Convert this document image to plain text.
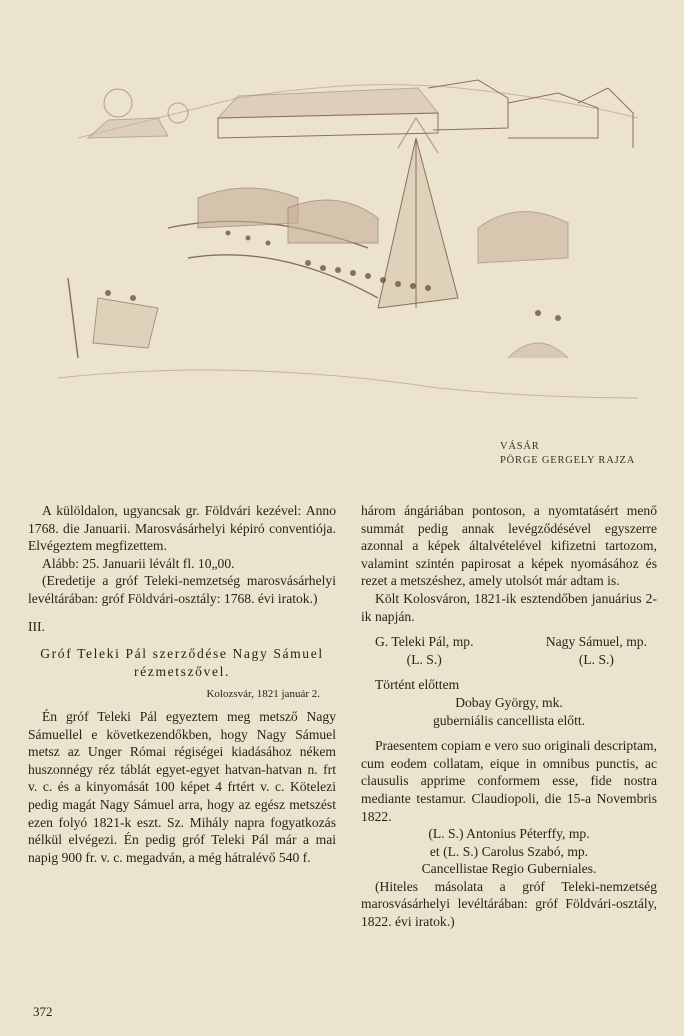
VÁSÁR
PÖRGE GERGELY RAJZA

A külöldalon, ugyancsak gr. Földvári kezével: Anno 1768. die Januarii. Marosvásárhelyi képiró conventiója. Elvégeztem megfizettem.

Alább: 25. Januarii lévált fl. 10„00.

(Eredetije a gróf Teleki-nemzetség marosvásárhelyi levéltárában: gróf Földvári-osztály: 1768. évi iratok.)

III.

Gróf Teleki Pál szerződése Nagy Sámuel rézmetszővel.

Kolozsvár, 1821 január 2.

Én gróf Teleki Pál egyeztem meg metsző Nagy Sámuellel e következendőkben, hogy Nagy Sámuel metsz az Unger Római régiségei kiadásához nékem huszonnégy réz táblát egyet-egyet hatvan-hatvan n. frt v. c. és a kinyomását 100 képet 4 frtért v. c. Kötelezi pedig magát Nagy Sámuel arra, hogy az egész metszést ezen folyó 1821-k eszt. Sz. Mihály napra fogyatkozás nélkül elvégezi. Én pedig gróf Teleki Pál már a mai napig 900 fr. v. c. megadván, a még hátralévő 540 f.

három ángáriában pontoson, a nyomtatásért menő summát pedig annak levégződésével egyszerre azonnal a képek általvételével kifizetni tartozom, valamint szintén papirosat a képek nyomásához és rezet a metszéshez, amely utolsót már adtam is.

Költ Kolosváron, 1821-ik esztendőben januárius 2-ik napján.

G. Teleki Pál, mp.
(L. S.)
Nagy Sámuel, mp.
(L. S.)

Történt előttem

Dobay György, mk.

guberniális cancellista előtt.

Praesentem copiam e vero suo originali descriptam, cum eodem collatam, eique in omnibus punctis, ac clausulis apprime conformem esse, fide nostra mediante testamur. Claudiopoli, die 15-a Novembris 1822.

(L. S.) Antonius Péterffy, mp.

et (L. S.) Carolus Szabó, mp.

Cancellistae Regio Guberniales.

(Hiteles másolata a gróf Teleki-nemzetség marosvásárhelyi levéltárában: gróf Földvári-osztály, 1822. évi iratok.)

372
